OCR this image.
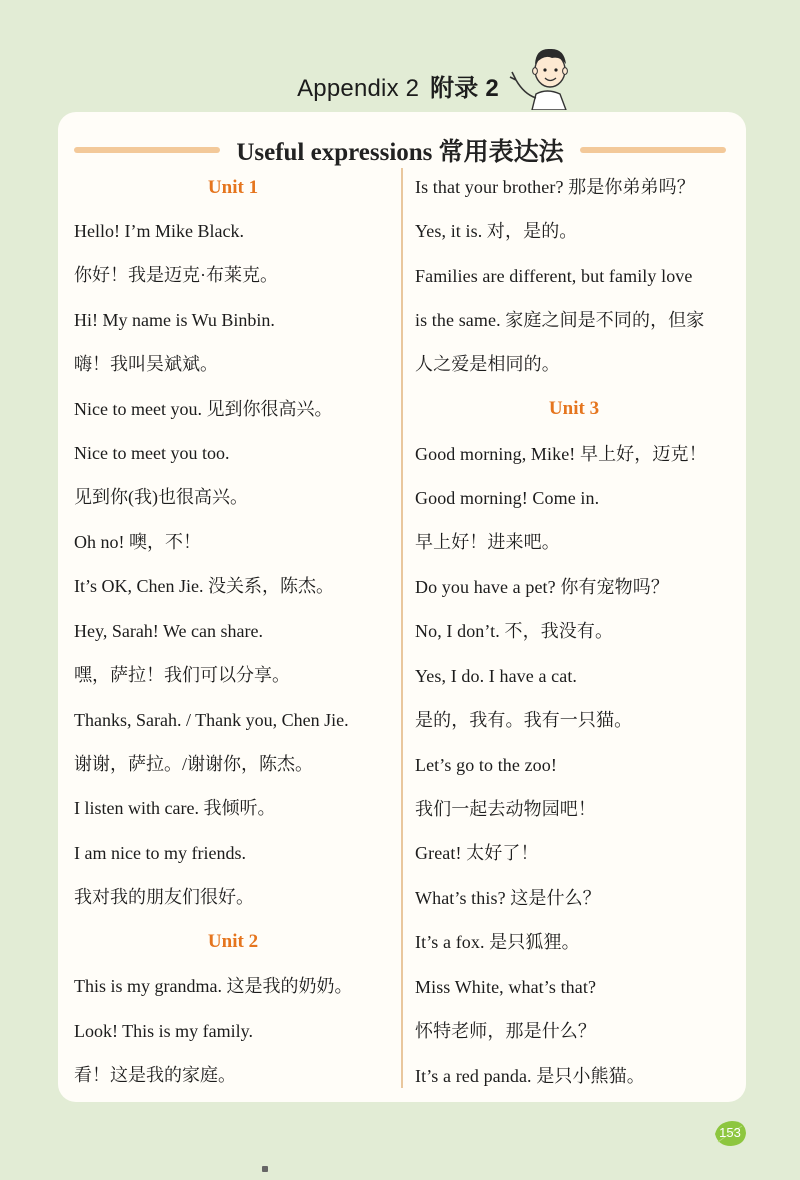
Appendix 2 附录 2
Useful expressions 常用表达法
Unit 1
Hello! I’m Mike Black.
你好！我是迈克·布莱克。
Hi! My name is Wu Binbin.
嗨！我叫吴斌斌。
Nice to meet you. 见到你很高兴。
Nice to meet you too.
见到你(我)也很高兴。
Oh no! 噢，不！
It’s OK, Chen Jie. 没关系，陈杰。
Hey, Sarah! We can share.
嘿，萨拉！我们可以分享。
Thanks, Sarah. / Thank you, Chen Jie.
谢谢，萨拉。/谢谢你，陈杰。
I listen with care. 我倾听。
I am nice to my friends.
我对我的朋友们很好。
Unit 2
This is my grandma. 这是我的奶奶。
Look! This is my family.
看！这是我的家庭。
Is that your brother? 那是你弟弟吗？
Yes, it is. 对，是的。
Families are different, but family love
is the same. 家庭之间是不同的，但家
人之爱是相同的。
Unit 3
Good morning, Mike! 早上好，迈克！
Good morning! Come in.
早上好！进来吧。
Do you have a pet? 你有宠物吗？
No, I don’t. 不，我没有。
Yes, I do. I have a cat.
是的，我有。我有一只猫。
Let’s go to the zoo!
我们一起去动物园吧！
Great! 太好了！
What’s this? 这是什么？
It’s a fox. 是只狐狸。
Miss White, what’s that?
怀特老师，那是什么？
It’s a red panda. 是只小熊猫。
153
